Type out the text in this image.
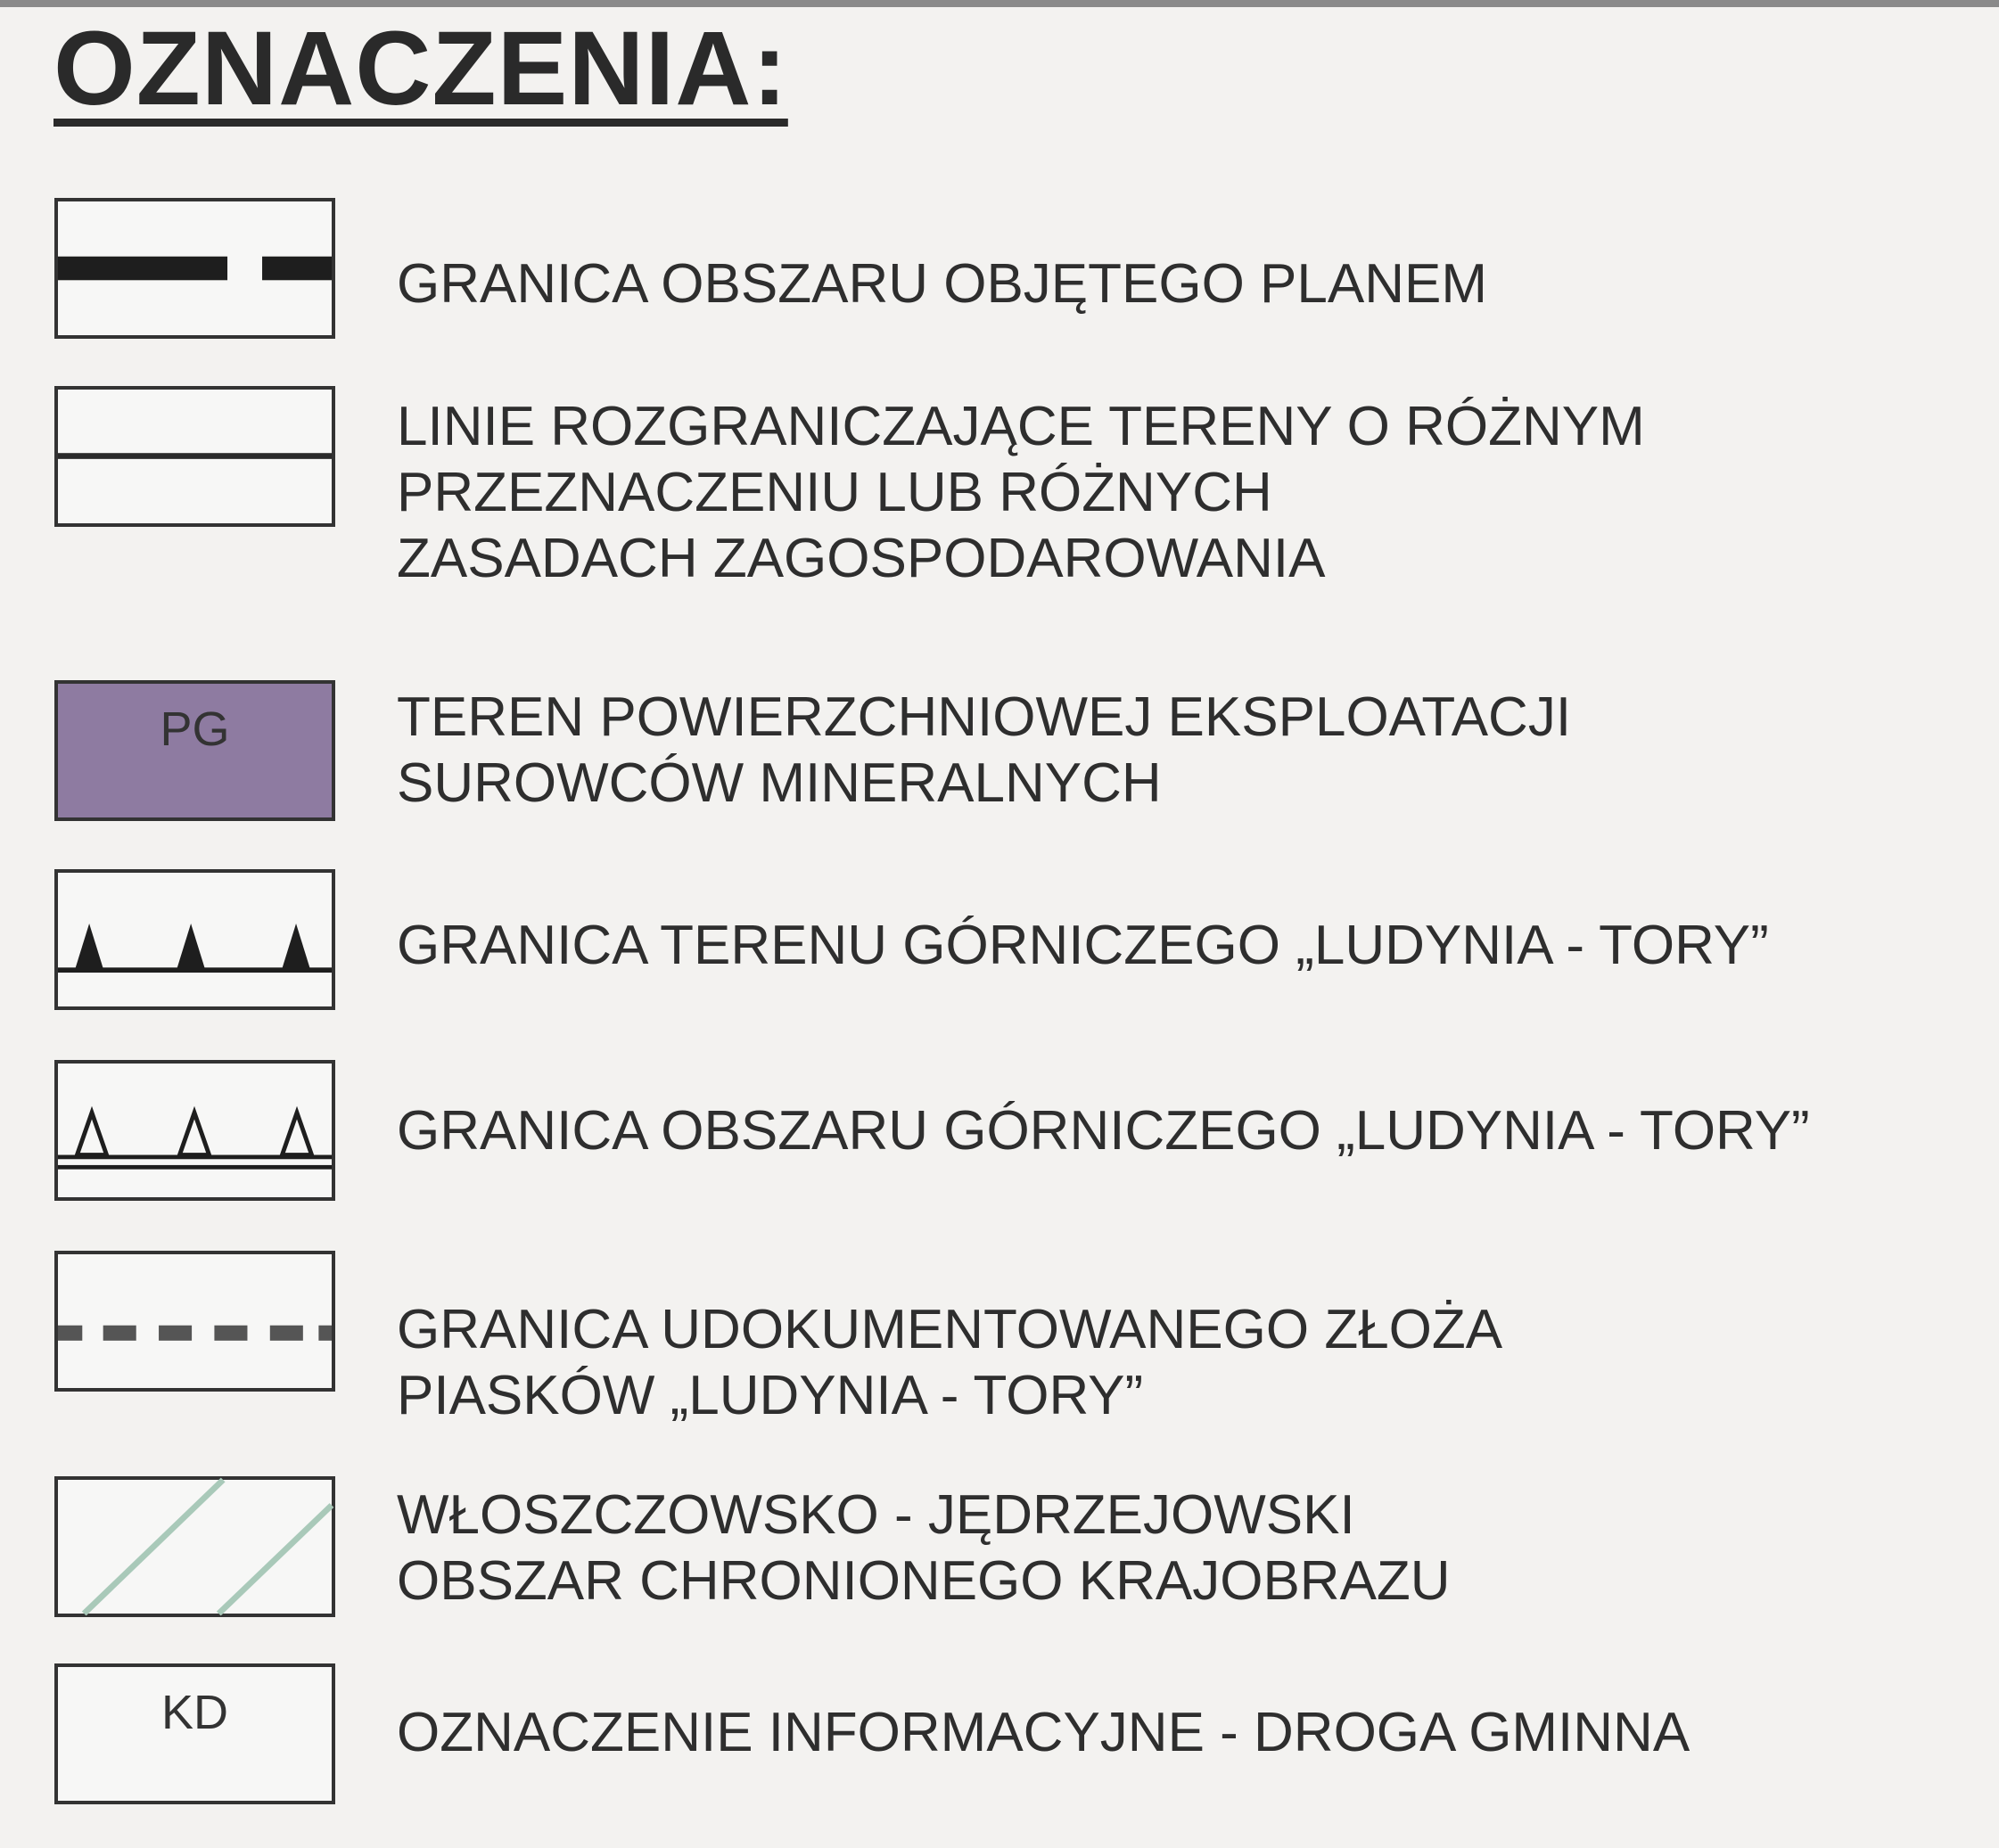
OZNACZENIA:
GRANICA OBSZARU OBJĘTEGO PLANEM
LINIE ROZGRANICZAJĄCE TERENY O RÓŻNYM
PRZEZNACZENIU LUB RÓŻNYCH
ZASADACH ZAGOSPODAROWANIA
PG	TEREN POWIERZCHNIOWEJ EKSPLOATACJI
SUROWCÓW MINERALNYCH
GRANICA TERENU GÓRNICZEGO „LUDYNIA - TORY”
GRANICA OBSZARU GÓRNICZEGO „LUDYNIA - TORY”
GRANICA UDOKUMENTOWANEGO ZŁOŻA
PIASKÓW „LUDYNIA - TORY”
WŁOSZCZOWSKO - JĘDRZEJOWSKI
OBSZAR CHRONIONEGO KRAJOBRAZU
KD	OZNACZENIE INFORMACYJNE - DROGA GMINNA
